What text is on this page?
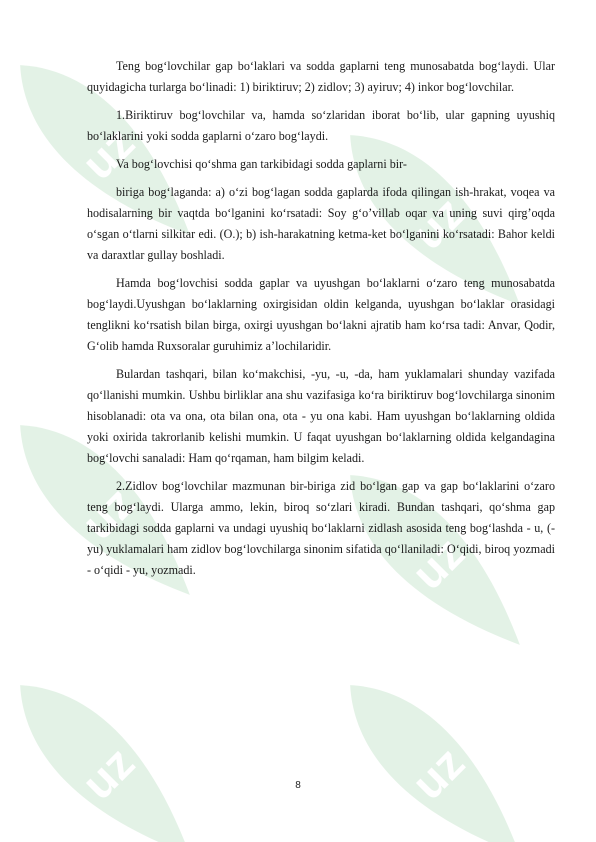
uz
uz
uz
uz
uz	uz

Teng bog‘lovchilar gap bo‘laklari va sodda gaplarni teng munosabatda bog‘laydi. Ular quyidagicha turlarga bo‘linadi: 1) biriktiruv; 2) zidlov; 3) ayiruv; 4) inkor bog‘lovchilar.

1.Biriktiruv bog‘lovchilar va, hamda so‘zlaridan iborat bo‘lib, ular gapning uyushiq bo‘laklarini yoki sodda gaplarni o‘zaro bog‘laydi.

Va bog‘lovchisi qo‘shma gan tarkibidagi sodda gaplarni bir-

biriga bog‘laganda: a) o‘zi bog‘lagan sodda gaplarda ifoda qilingan ish-hrakat, voqea va hodisalarning bir vaqtda bo‘lganini ko‘rsatadi: Soy g‘o’villab oqar va uning suvi qirg’oqda o‘sgan o‘tlarni silkitar edi. (O.); b) ish-harakatning ketma-ket bo‘lganini ko‘rsatadi: Bahor keldi va daraxtlar gullay boshladi.

Hamda bog‘lovchisi sodda gaplar va uyushgan bo‘laklarni o‘zaro teng munosabatda bog‘laydi.Uyushgan bo‘laklarning oxirgisidan oldin kelganda, uyushgan bo‘laklar orasidagi tenglikni ko‘rsatish bilan birga, oxirgi uyushgan bo‘lakni ajratib ham ko‘rsa tadi: Anvar, Qodir, G‘olib hamda Ruxsoralar guruhimiz a’lochilaridir.

Bulardan tashqari, bilan ko‘makchisi, -yu, -u, -da, ham yuklamalari shunday vazifada qo‘llanishi mumkin. Ushbu birliklar ana shu vazifasiga ko‘ra biriktiruv bog‘lovchilarga sinonim hisoblanadi: ota va ona, ota bilan ona, ota - yu ona kabi. Ham uyushgan bo‘laklarning oldida yoki oxirida takrorlanib kelishi mumkin. U faqat uyushgan bo‘laklarning oldida kelgandagina bog‘lovchi sanaladi: Ham qo‘rqaman, ham bilgim keladi.

2.Zidlov bog‘lovchilar mazmunan bir-biriga zid bo‘lgan gap va gap bo‘laklarini o‘zaro teng bog‘laydi. Ularga ammo, lekin, biroq so‘zlari kiradi. Bundan tashqari, qo‘shma gap tarkibidagi sodda gaplarni va undagi uyushiq bo‘laklarni zidlash asosida teng bog‘lashda - u, (-yu) yuklamalari ham zidlov bog‘lovchilarga sinonim sifatida qo‘llaniladi: O‘qidi, biroq yozmadi - o‘qidi - yu, yozmadi.

8
